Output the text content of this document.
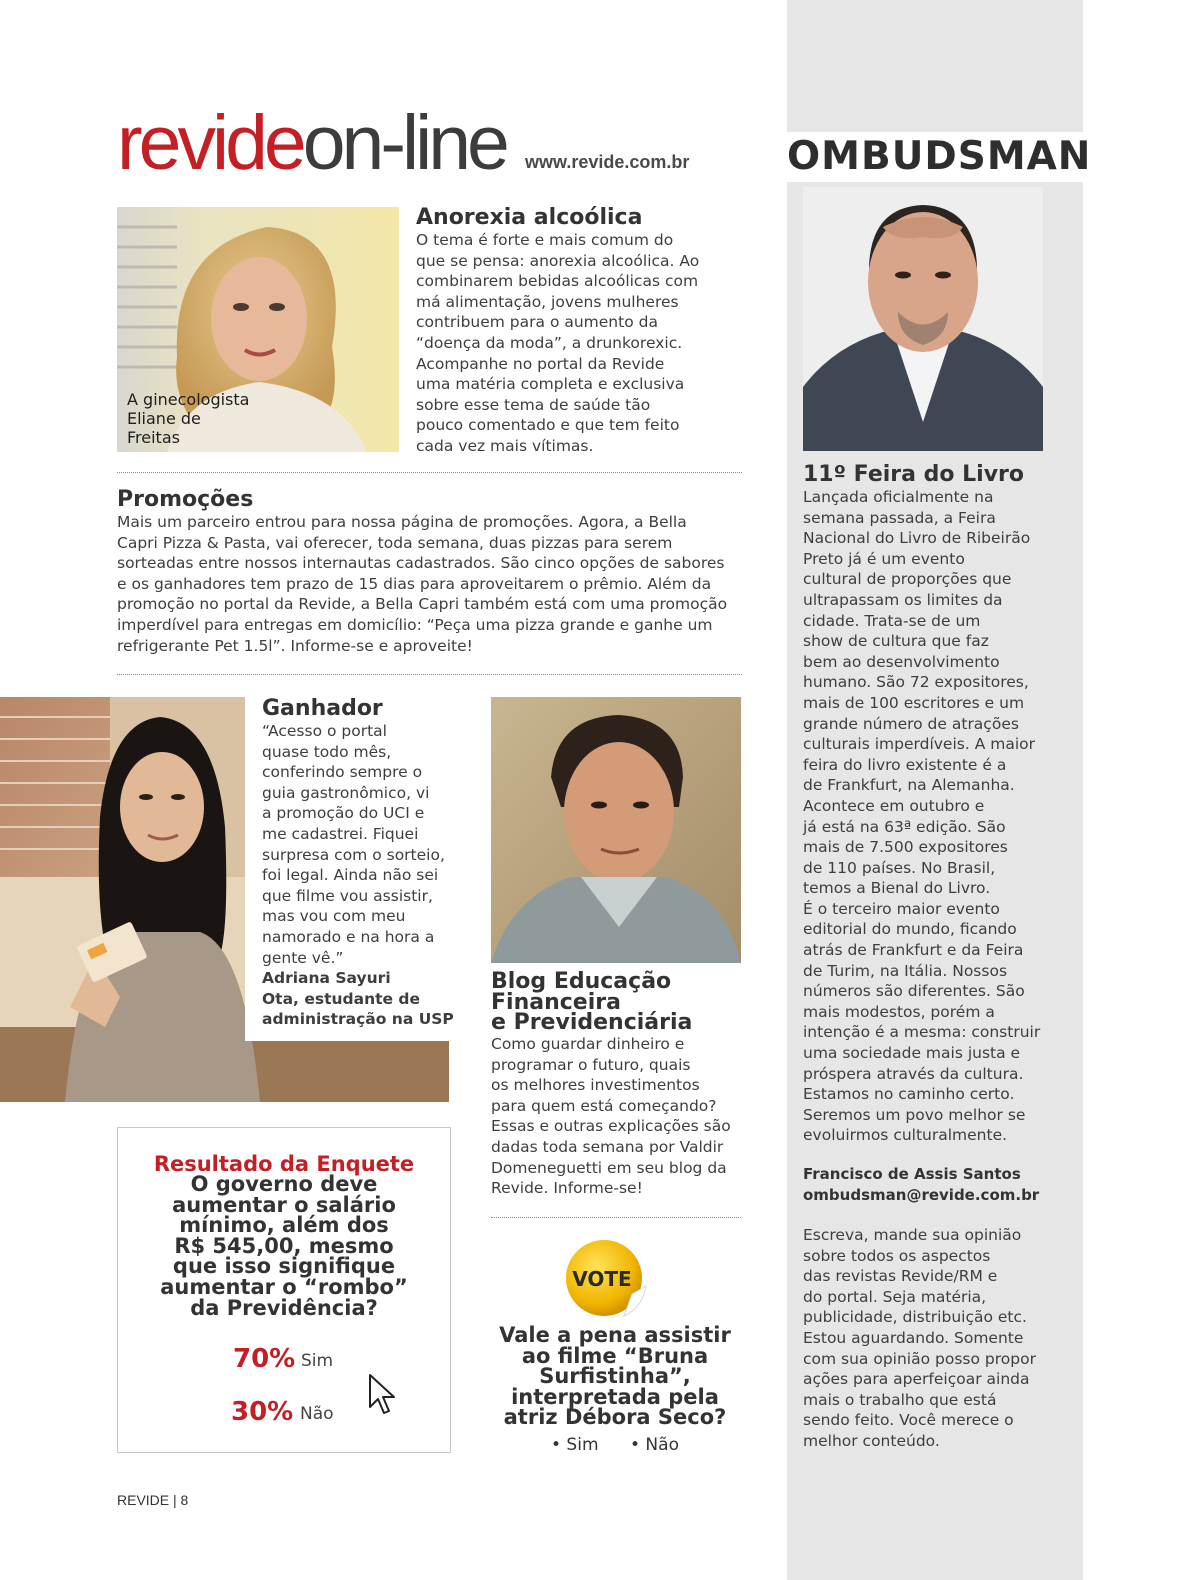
OMBUDSMAN
revideon-line www.revide.com.br
A ginecologista
Eliane de
Freitas
Anorexia alcoólica
O tema é forte e mais comum do
que se pensa: anorexia alcoólica. Ao
combinarem bebidas alcoólicas com
má alimentação, jovens mulheres
contribuem para o aumento da
“doença da moda”, a drunkorexic.
Acompanhe no portal da Revide
uma matéria completa e exclusiva
sobre esse tema de saúde tão
pouco comentado e que tem feito
cada vez mais vítimas.
Promoções
Mais um parceiro entrou para nossa página de promoções. Agora, a Bella
Capri Pizza & Pasta, vai oferecer, toda semana, duas pizzas para serem
sorteadas entre nossos internautas cadastrados. São cinco opções de sabores
e os ganhadores tem prazo de 15 dias para aproveitarem o prêmio. Além da
promoção no portal da Revide, a Bella Capri também está com uma promoção
imperdível para entregas em domicílio: “Peça uma pizza grande e ganhe um
refrigerante Pet 1.5l”. Informe-se e aproveite!
Ganhador
“Acesso o portal
quase todo mês,
conferindo sempre o
guia gastronômico, vi
a promoção do UCI e
me cadastrei. Fiquei
surpresa com o sorteio,
foi legal. Ainda não sei
que filme vou assistir,
mas vou com meu
namorado e na hora a
gente vê.”
Adriana Sayuri
Ota, estudante de
administração na USP
Blog Educação
Financeira
e Previdenciária
Como guardar dinheiro e
programar o futuro, quais
os melhores investimentos
para quem está começando?
Essas e outras explicações são
dadas toda semana por Valdir
Domeneguetti em seu blog da
Revide. Informe-se!
Resultado da Enquete
O governo deve
aumentar o salário
mínimo, além dos
R$ 545,00, mesmo
que isso signifique
aumentar o “rombo”
da Previdência?
70% Sim
30% Não
VOTE
Vale a pena assistir
ao filme “Bruna
Surfistinha”,
interpretada pela
atriz Débora Seco?
• Sim • Não
11º Feira do Livro
Lançada oficialmente na
semana passada, a Feira
Nacional do Livro de Ribeirão
Preto já é um evento
cultural de proporções que
ultrapassam os limites da
cidade. Trata-se de um
show de cultura que faz
bem ao desenvolvimento
humano. São 72 expositores,
mais de 100 escritores e um
grande número de atrações
culturais imperdíveis. A maior
feira do livro existente é a
de Frankfurt, na Alemanha.
Acontece em outubro e
já está na 63ª edição. São
mais de 7.500 expositores
de 110 países. No Brasil,
temos a Bienal do Livro.
É o terceiro maior evento
editorial do mundo, ficando
atrás de Frankfurt e da Feira
de Turim, na Itália. Nossos
números são diferentes. São
mais modestos, porém a
intenção é a mesma: construir
uma sociedade mais justa e
próspera através da cultura.
Estamos no caminho certo.
Seremos um povo melhor se
evoluirmos culturalmente.
Francisco de Assis Santos
ombudsman@revide.com.br
Escreva, mande sua opinião
sobre todos os aspectos
das revistas Revide/RM e
do portal. Seja matéria,
publicidade, distribuição etc.
Estou aguardando. Somente
com sua opinião posso propor
ações para aperfeiçoar ainda
mais o trabalho que está
sendo feito. Você merece o
melhor conteúdo.
REVIDE | 8
